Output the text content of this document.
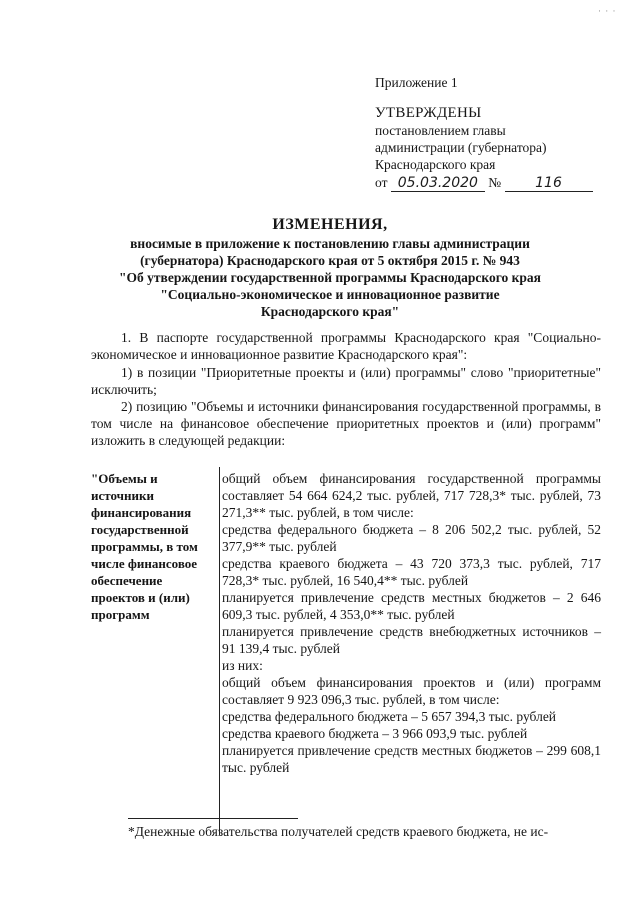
· · ·

Приложение 1

УТВЕРЖДЕНЫ

постановлением главы

администрации (губернатора)

Краснодарского края

от 05.03.2020 № 116

ИЗМЕНЕНИЯ,

вносимые в приложение к постановлению главы администрации

(губернатора) Краснодарского края от 5 октября 2015 г. № 943

"Об утверждении государственной программы Краснодарского края

"Социально-экономическое и инновационное развитие

Краснодарского края"

1. В паспорте государственной программы Краснодарского края "Социально-экономическое и инновационное развитие Краснодарского края":

1) в позиции "Приоритетные проекты и (или) программы" слово "приоритетные" исключить;

2) позицию "Объемы и источники финансирования государственной программы, в том числе на финансовое обеспечение приоритетных проектов и (или) программ" изложить в следующей редакции:

"Объемы и источники финансирования государственной программы, в том числе финансовое обеспечение проектов и (или) программ

общий объем финансирования государственной программы составляет 54 664 624,2 тыс. рублей, 717 728,3* тыс. рублей, 73 271,3** тыс. рублей, в том числе:

средства федерального бюджета – 8 206 502,2 тыс. рублей, 52 377,9** тыс. рублей

средства краевого бюджета – 43 720 373,3 тыс. рублей, 717 728,3* тыс. рублей, 16 540,4** тыс. рублей

планируется привлечение средств местных бюджетов – 2 646 609,3 тыс. рублей, 4 353,0** тыс. рублей

планируется привлечение средств внебюджетных источников – 91 139,4 тыс. рублей

из них:

общий объем финансирования проектов и (или) программ составляет 9 923 096,3 тыс. рублей, в том числе:

средства федерального бюджета – 5 657 394,3 тыс. рублей

средства краевого бюджета – 3 966 093,9 тыс. рублей

планируется привлечение средств местных бюджетов – 299 608,1 тыс. рублей

*Денежные обязательства получателей средств краевого бюджета, не ис-
